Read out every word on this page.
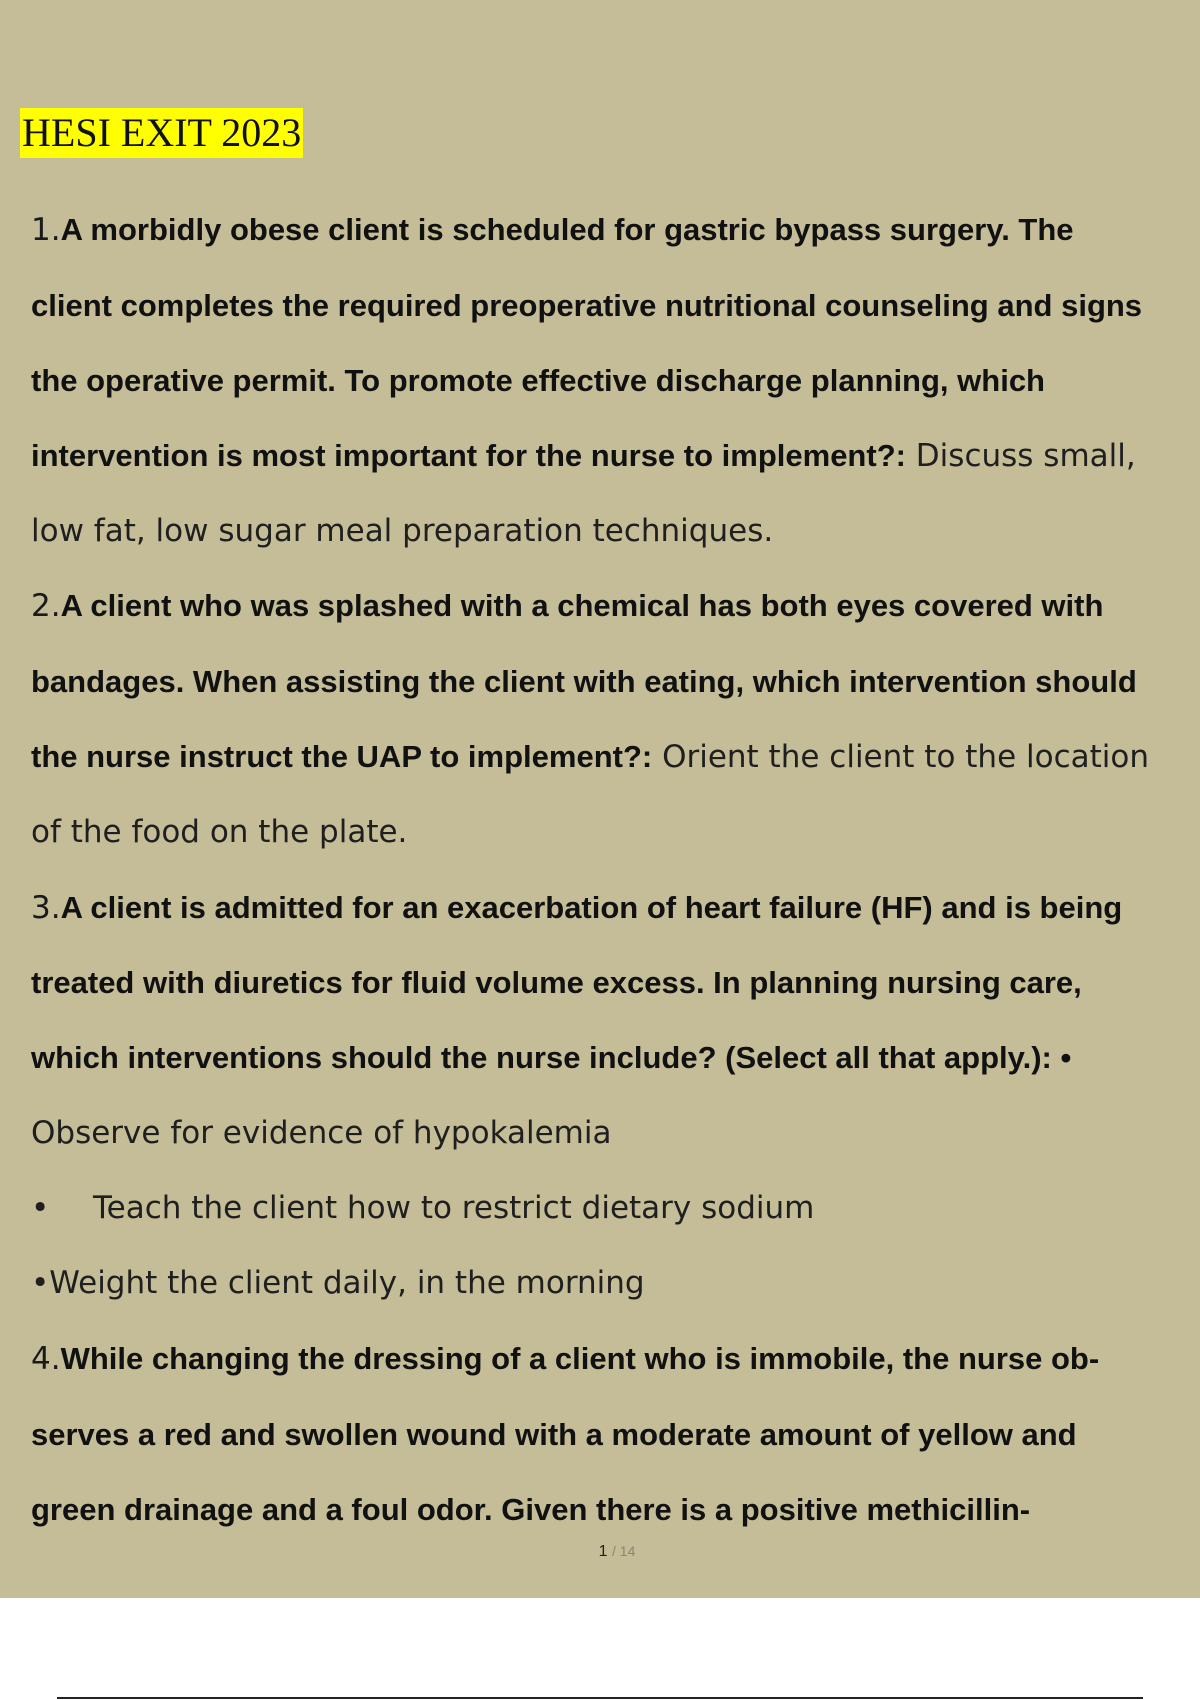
HESI EXIT 2023
1.A morbidly obese client is scheduled for gastric bypass surgery. The
client completes the required preoperative nutritional counseling and signs
the operative permit. To promote effective discharge planning, which
intervention is most important for the nurse to implement?: Discuss small,
low fat, low sugar meal preparation techniques.
2.A client who was splashed with a chemical has both eyes covered with
bandages. When assisting the client with eating, which intervention should
the nurse instruct the UAP to implement?: Orient the client to the location
of the food on the plate.
3.A client is admitted for an exacerbation of heart failure (HF) and is being
treated with diuretics for fluid volume excess. In planning nursing care,
which interventions should the nurse include? (Select all that apply.): •
Observe for evidence of hypokalemia
• Teach the client how to restrict dietary sodium
•Weight the client daily, in the morning
4.While changing the dressing of a client who is immobile, the nurse ob-
serves a red and swollen wound with a moderate amount of yellow and
green drainage and a foul odor. Given there is a positive methicillin-
1 / 14
